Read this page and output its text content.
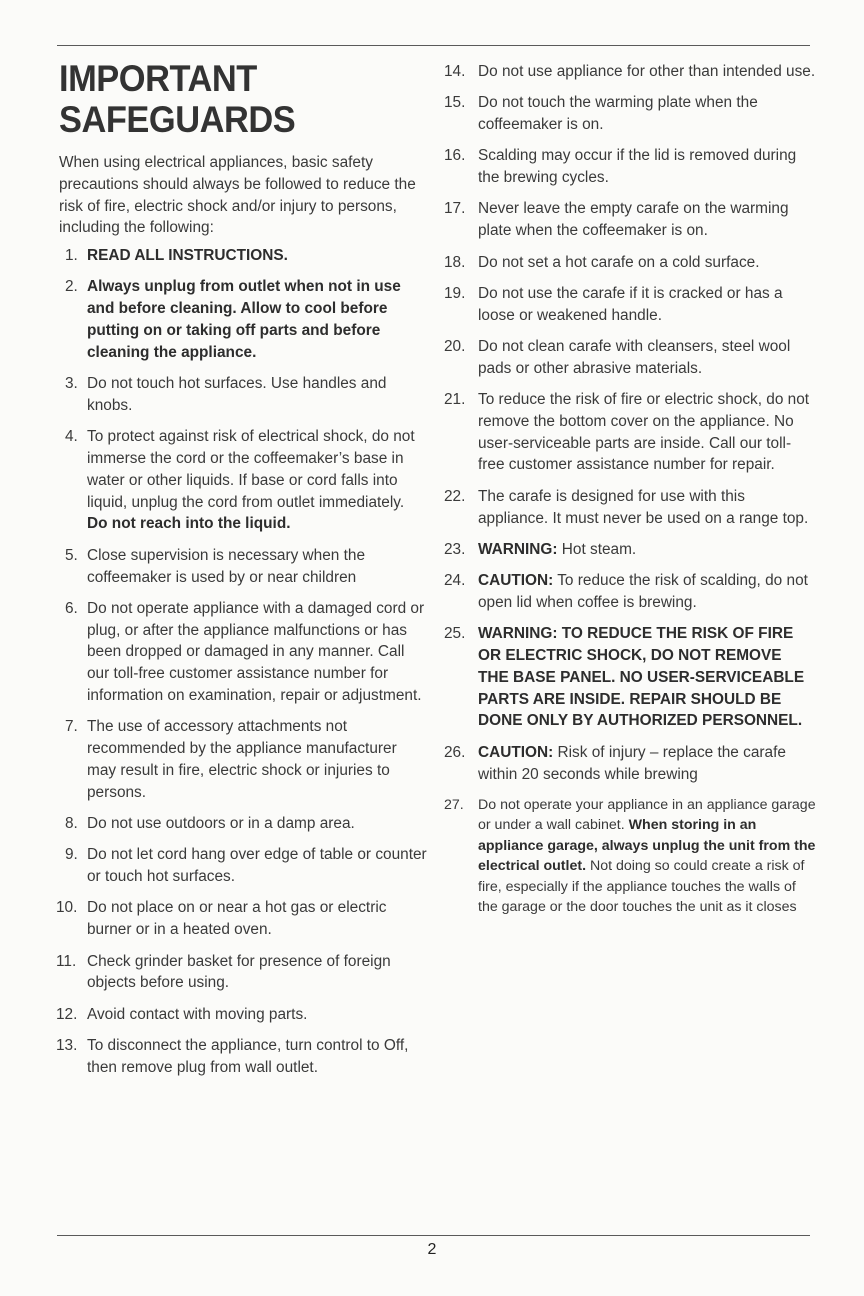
IMPORTANT
SAFEGUARDS

When using electrical appliances, basic safety precautions should always be followed to reduce the risk of fire, electric shock and/or injury to persons, including the following:

1. READ ALL INSTRUCTIONS.
2. Always unplug from outlet when not in use and before cleaning. Allow to cool before putting on or taking off parts and before cleaning the appliance.
3. Do not touch hot surfaces. Use handles and knobs.
4. To protect against risk of electrical shock, do not immerse the cord or the coffeemaker’s base in water or other liquids. If base or cord falls into liquid, unplug the cord from outlet immediately.
Do not reach into the liquid.
5. Close supervision is necessary when the coffeemaker is used by or near children
6. Do not operate appliance with a damaged cord or plug, or after the appliance malfunctions or has been dropped or damaged in any manner. Call our toll-free customer assistance number for information on examination, repair or adjustment.
7. The use of accessory attachments not recommended by the appliance manufacturer may result in fire, electric shock or injuries to persons.
8. Do not use outdoors or in a damp area.
9. Do not let cord hang over edge of table or counter or touch hot surfaces.
10. Do not place on or near a hot gas or electric burner or in a heated oven.
11. Check grinder basket for presence of foreign objects before using.
12. Avoid contact with moving parts.
13. To disconnect the appliance, turn control to Off, then remove plug from wall outlet.
14. Do not use appliance for other than intended use.
15. Do not touch the warming plate when the coffeemaker is on.
16. Scalding may occur if the lid is removed during the brewing cycles.
17. Never leave the empty carafe on the warming plate when the coffeemaker is on.
18. Do not set a hot carafe on a cold surface.
19. Do not use the carafe if it is cracked or has a loose or weakened handle.
20. Do not clean carafe with cleansers, steel wool pads or other abrasive materials.
21. To reduce the risk of fire or electric shock, do not remove the bottom cover on the appliance. No user-serviceable parts are inside. Call our toll-free customer assistance number for repair.
22. The carafe is designed for use with this appliance. It must never be used on a range top.
23. WARNING: Hot steam.
24. CAUTION: To reduce the risk of scalding, do not open lid when coffee is brewing.
25. WARNING: TO REDUCE THE RISK OF FIRE OR ELECTRIC SHOCK, DO NOT REMOVE THE BASE PANEL. NO USER-SERVICEABLE PARTS ARE INSIDE. REPAIR SHOULD BE DONE ONLY BY AUTHORIZED PERSONNEL.
26. CAUTION: Risk of injury – replace the carafe within 20 seconds while brewing
27. Do not operate your appliance in an appliance garage or under a wall cabinet. When storing in an appliance garage, always unplug the unit from the electrical outlet. Not doing so could create a risk of fire, especially if the appliance touches the walls of the garage or the door touches the unit as it closes
2
